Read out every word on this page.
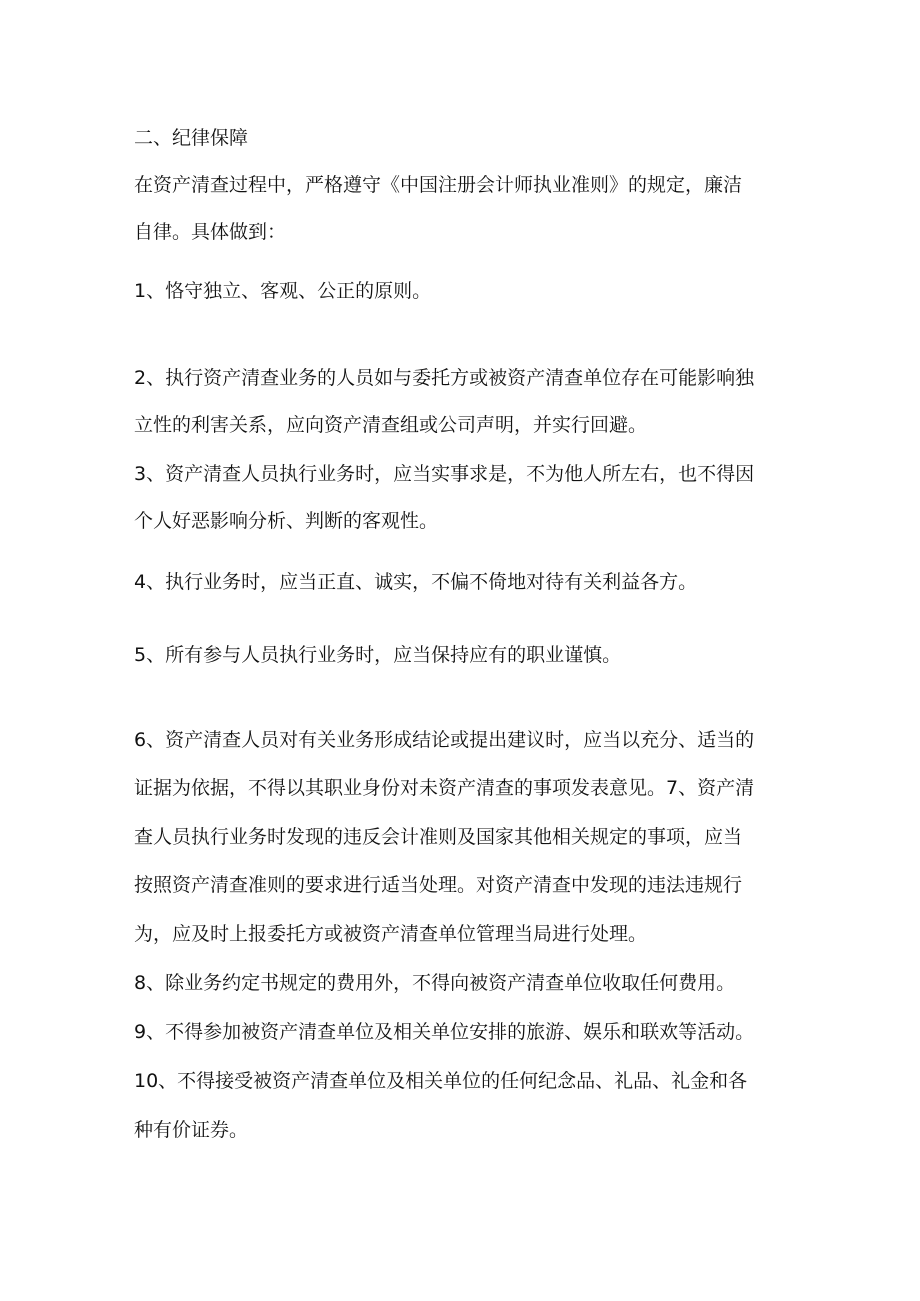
二、纪律保障
在资产清查过程中，严格遵守《中国注册会计师执业准则》的规定，廉洁
自律。具体做到：
1、恪守独立、客观、公正的原则。
2、执行资产清查业务的人员如与委托方或被资产清查单位存在可能影响独
立性的利害关系，应向资产清查组或公司声明，并实行回避。
3、资产清查人员执行业务时，应当实事求是，不为他人所左右，也不得因
个人好恶影响分析、判断的客观性。
4、执行业务时，应当正直、诚实，不偏不倚地对待有关利益各方。
5、所有参与人员执行业务时，应当保持应有的职业谨慎。
6、资产清查人员对有关业务形成结论或提出建议时，应当以充分、适当的
证据为依据，不得以其职业身份对未资产清查的事项发表意见。7、资产清
查人员执行业务时发现的违反会计准则及国家其他相关规定的事项，应当
按照资产清查准则的要求进行适当处理。对资产清查中发现的违法违规行
为，应及时上报委托方或被资产清查单位管理当局进行处理。
8、除业务约定书规定的费用外，不得向被资产清查单位收取任何费用。
9、不得参加被资产清查单位及相关单位安排的旅游、娱乐和联欢等活动。
10、不得接受被资产清查单位及相关单位的任何纪念品、礼品、礼金和各
种有价证券。
